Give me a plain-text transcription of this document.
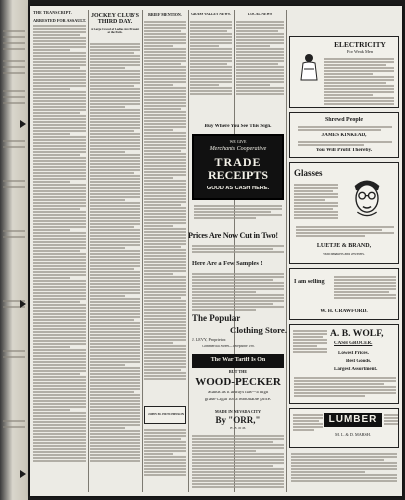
THE TRANSCRIPT.
ARRESTED FOR ASSAULT.
JOCKEY CLUB'S
THIRD DAY.
A Large Crowd of Ladies Are Present at the Park.
BRIEF MENTION.
JOHN M. HUTCHINSON
GRASS VALLEY NEWS.	LOCAL NEWS
Buy Where You See This Sign.
WE GIVE
Merchants Cooperative
TRADE
RECEIPTS
GOOD AS CASH HERE.
Prices Are Now Cut in Two!
Here Are a Few Samples !
The Popular
Clothing Store.
J. LEVY, Proprietor.
Commercial Street—Telephone 198.
The War Tariff Is On
BUT THE
WOOD-PECKER
Stands as it always has—a high
grade Cigar for a reasonable price.
MADE IN NEVADA CITY
By "ORR,"
W. S. of M.
ELECTRICITY
For Weak Men
Shrewd People
JAMES KINKEAD,
You Will Profit Thereby.
Glasses
LUETJE & BRAND,
Watchmakers and Jewelers.
I am selling
W. H. CRAWFORD.
A. B. WOLF,
CASH GROCER.
Lowest Prices.
Best Goods.
Largest Assortment.
LUMBER
M. L. & D. MARSH.
